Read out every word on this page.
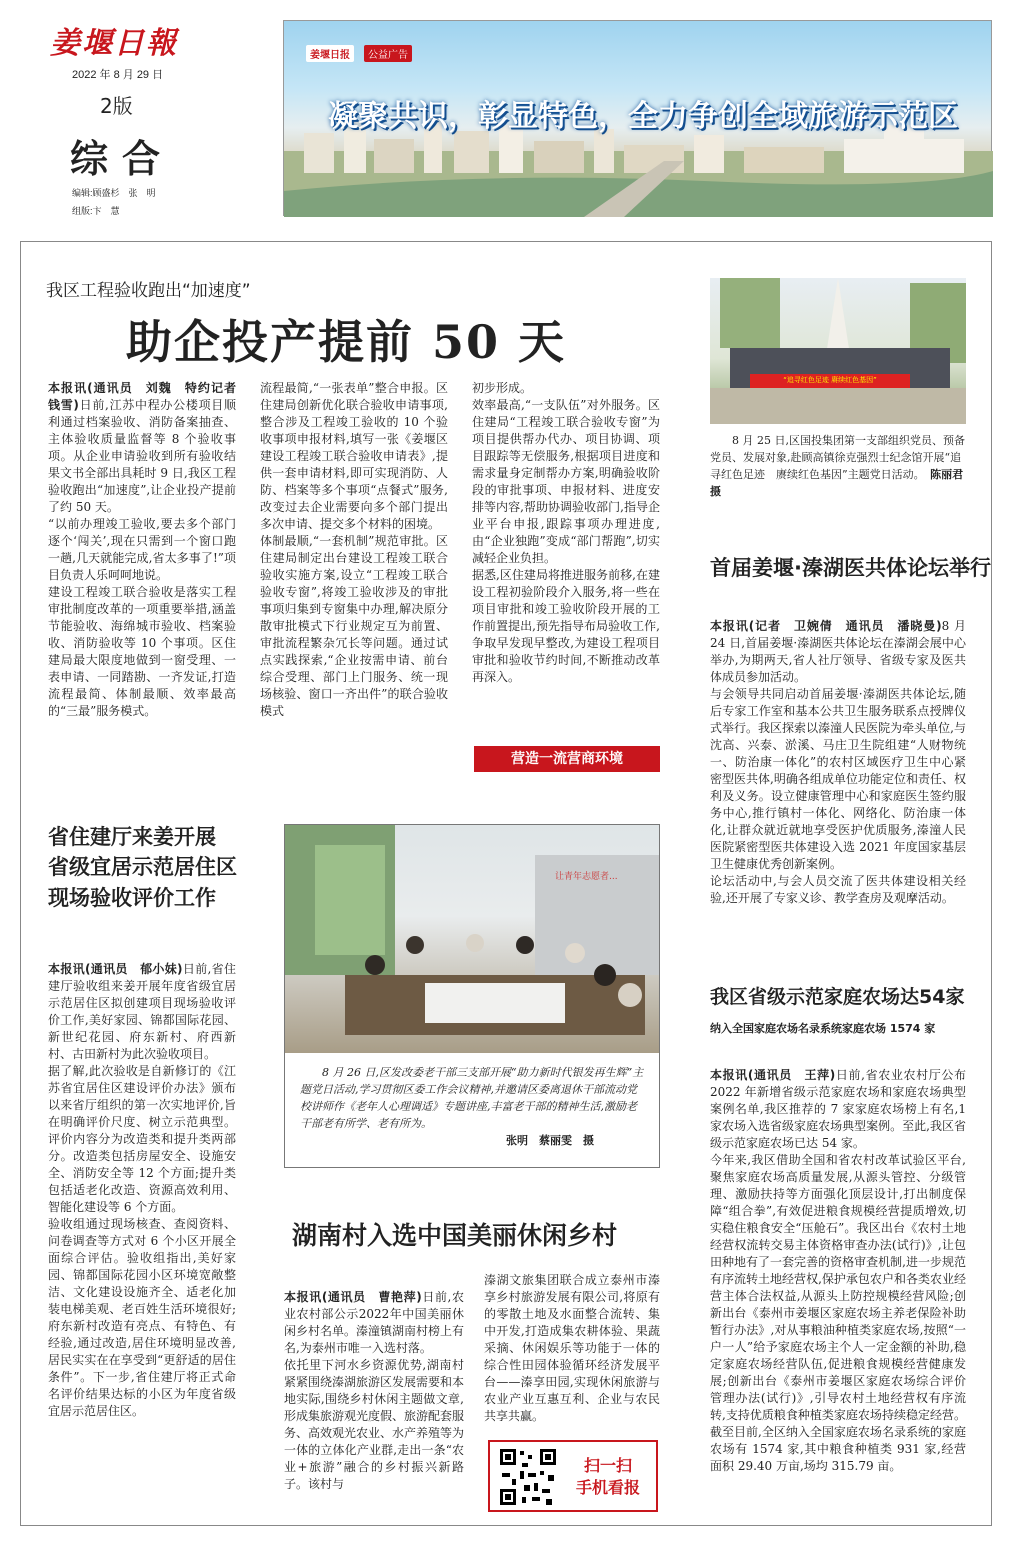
姜堰日報
2022 年 8 月 29 日
2版
综合
编辑:顾盛杉　张　明
组版:卞　慧
姜堰日报	公益广告
凝聚共识，彰显特色，全力争创全域旅游示范区
我区工程验收跑出“加速度”
助企投产提前 50 天
本报讯(通讯员　刘魏　特约记者　钱雪)日前,江苏中程办公楼项目顺利通过档案验收、消防备案抽查、主体验收质量监督等 8 个验收事项。从企业申请验收到所有验收结果文书全部出具耗时 9 日,我区工程验收跑出“加速度”,让企业投产提前了约 50 天。
“以前办理竣工验收,要去多个部门逐个‘闯关’,现在只需到一个窗口跑一趟,几天就能完成,省太多事了!”项目负责人乐呵呵地说。
建设工程竣工联合验收是落实工程审批制度改革的一项重要举措,涵盖节能验收、海绵城市验收、档案验收、消防验收等 10 个事项。区住建局最大限度地做到一窗受理、一表申请、一同踏勘、一齐发证,打造流程最简、体制最顺、效率最高的“三最”服务模式。
流程最简,“一张表单”整合申报。区住建局创新优化联合验收申请事项,整合涉及工程竣工验收的 10 个验收事项申报材料,填写一张《姜堰区建设工程竣工联合验收申请表》,提供一套申请材料,即可实现消防、人防、档案等多个事项“点餐式”服务,改变过去企业需要向多个部门提出多次申请、提交多个材料的困境。
体制最顺,“一套机制”规范审批。区住建局制定出台建设工程竣工联合验收实施方案,设立“工程竣工联合验收专窗”,将竣工验收涉及的审批事项归集到专窗集中办理,解决原分散审批模式下行业规定互为前置、审批流程繁杂冗长等问题。通过试点实践探索,“企业按需申请、前台综合受理、部门上门服务、统一现场核验、窗口一齐出件”的联合验收模式
初步形成。
效率最高,“一支队伍”对外服务。区住建局“工程竣工联合验收专窗”为项目提供帮办代办、项目协调、项目跟踪等无偿服务,根据项目进度和需求量身定制帮办方案,明确验收阶段的审批事项、申报材料、进度安排等内容,帮助协调验收部门,指导企业平台申报,跟踪事项办理进度,由“企业独跑”变成“部门帮跑”,切实减轻企业负担。
据悉,区住建局将推进服务前移,在建设工程初验阶段介入服务,将一些在项目审批和竣工验收阶段开展的工作前置提出,预先指导布局验收工作,争取早发现早整改,为建设工程项目审批和验收节约时间,不断推动改革再深入。
营造一流营商环境
“追寻红色足迹 赓续红色基因”
8 月 25 日,区国投集团第一支部组织党员、预备党员、发展对象,赴顾高镇徐克强烈士纪念馆开展“追寻红色足迹　赓续红色基因”主题党日活动。　 陈丽君　摄
首届姜堰·溱湖医共体论坛举行

本报讯(记者　卫婉倩　通讯员　潘晓曼)8 月 24 日,首届姜堰·溱湖医共体论坛在溱湖会展中心举办,为期两天,省人社厅领导、省级专家及医共体成员参加活动。
与会领导共同启动首届姜堰·溱湖医共体论坛,随后专家工作室和基本公共卫生服务联系点授牌仪式举行。我区探索以溱潼人民医院为牵头单位,与沈高、兴泰、淤溪、马庄卫生院组建“人财物统一、防治康一体化”的农村区域医疗卫生中心紧密型医共体,明确各组成单位功能定位和责任、权利及义务。设立健康管理中心和家庭医生签约服务中心,推行镇村一体化、网络化、防治康一体化,让群众就近就地享受医护优质服务,溱潼人民医院紧密型医共体建设入选 2021 年度国家基层卫生健康优秀创新案例。
论坛活动中,与会人员交流了医共体建设相关经验,还开展了专家义诊、教学查房及观摩活动。

省住建厅来姜开展
省级宜居示范居住区
现场验收评价工作

本报讯(通讯员　郁小妹)日前,省住建厅验收组来姜开展年度省级宜居示范居住区拟创建项目现场验收评价工作,美好家园、锦都国际花园、新世纪花园、府东新村、府西新村、古田新村为此次验收项目。
据了解,此次验收是自新修订的《江苏省宜居住区建设评价办法》颁布以来省厅组织的第一次实地评价,旨在明确评价尺度、树立示范典型。评价内容分为改造类和提升类两部分。改造类包括房屋安全、设施安全、消防安全等 12 个方面;提升类包括适老化改造、资源高效利用、智能化建设等 6 个方面。
验收组通过现场核查、查阅资料、问卷调查等方式对 6 个小区开展全面综合评估。验收组指出,美好家园、锦都国际花园小区环境宽敞整洁、文化建设设施齐全、适老化加装电梯美观、老百姓生活环境很好;府东新村改造有亮点、有特色、有经验,通过改造,居住环境明显改善,居民实实在在享受到“更舒适的居住条件”。下一步,省住建厅将正式命名评价结果达标的小区为年度省级宜居示范居住区。

让青年志愿者...
8 月 26 日,区发改委老干部三支部开展“助力新时代银发再生辉”主题党日活动,学习贯彻区委工作会议精神,并邀请区委离退休干部流动党校讲师作《老年人心理调适》专题讲座,丰富老干部的精神生活,激励老干部老有所学、老有所为。
张明　蔡丽雯　摄
湖南村入选中国美丽休闲乡村

本报讯(通讯员　曹艳萍)日前,农业农村部公示2022年中国美丽休闲乡村名单。溱潼镇湖南村榜上有名,为泰州市唯一入选村落。
依托里下河水乡资源优势,湖南村紧紧围绕溱湖旅游区发展需要和本地实际,围绕乡村休闲主题做文章,形成集旅游观光度假、旅游配套服务、高效观光农业、水产养殖等为一体的立体化产业群,走出一条“农业+旅游”融合的乡村振兴新路子。该村与

溱湖文旅集团联合成立泰州市溱享乡村旅游发展有限公司,将原有的零散土地及水面整合流转、集中开发,打造成集农耕体验、果蔬采摘、休闲娱乐等功能于一体的综合性田园体验循环经济发展平台——溱享田园,实现休闲旅游与农业产业互惠互利、企业与农民共享共赢。
扫一扫
手机看报
我区省级示范家庭农场达54家
纳入全国家庭农场名录系统家庭农场 1574 家

本报讯(通讯员　王萍)日前,省农业农村厅公布 2022 年新增省级示范家庭农场和家庭农场典型案例名单,我区推荐的 7 家家庭农场榜上有名,1 家农场入选省级家庭农场典型案例。至此,我区省级示范家庭农场已达 54 家。
今年来,我区借助全国和省农村改革试验区平台,聚焦家庭农场高质量发展,从源头管控、分级管理、激励扶持等方面强化顶层设计,打出制度保障“组合拳”,有效促进粮食规模经营提质增效,切实稳住粮食安全“压舱石”。我区出台《农村土地经营权流转交易主体资格审查办法(试行)》,让包田种地有了一套完善的资格审查机制,进一步规范有序流转土地经营权,保护承包农户和各类农业经营主体合法权益,从源头上防控规模经营风险;创新出台《泰州市姜堰区家庭农场主养老保险补助暂行办法》,对从事粮油种植类家庭农场,按照“一户一人”给予家庭农场主个人一定金额的补助,稳定家庭农场经营队伍,促进粮食规模经营健康发展;创新出台《泰州市姜堰区家庭农场综合评价管理办法(试行)》,引导农村土地经营权有序流转,支持优质粮食种植类家庭农场持续稳定经营。截至目前,全区纳入全国家庭农场名录系统的家庭农场有 1574 家,其中粮食种植类 931 家,经营面积 29.40 万亩,场均 315.79 亩。
